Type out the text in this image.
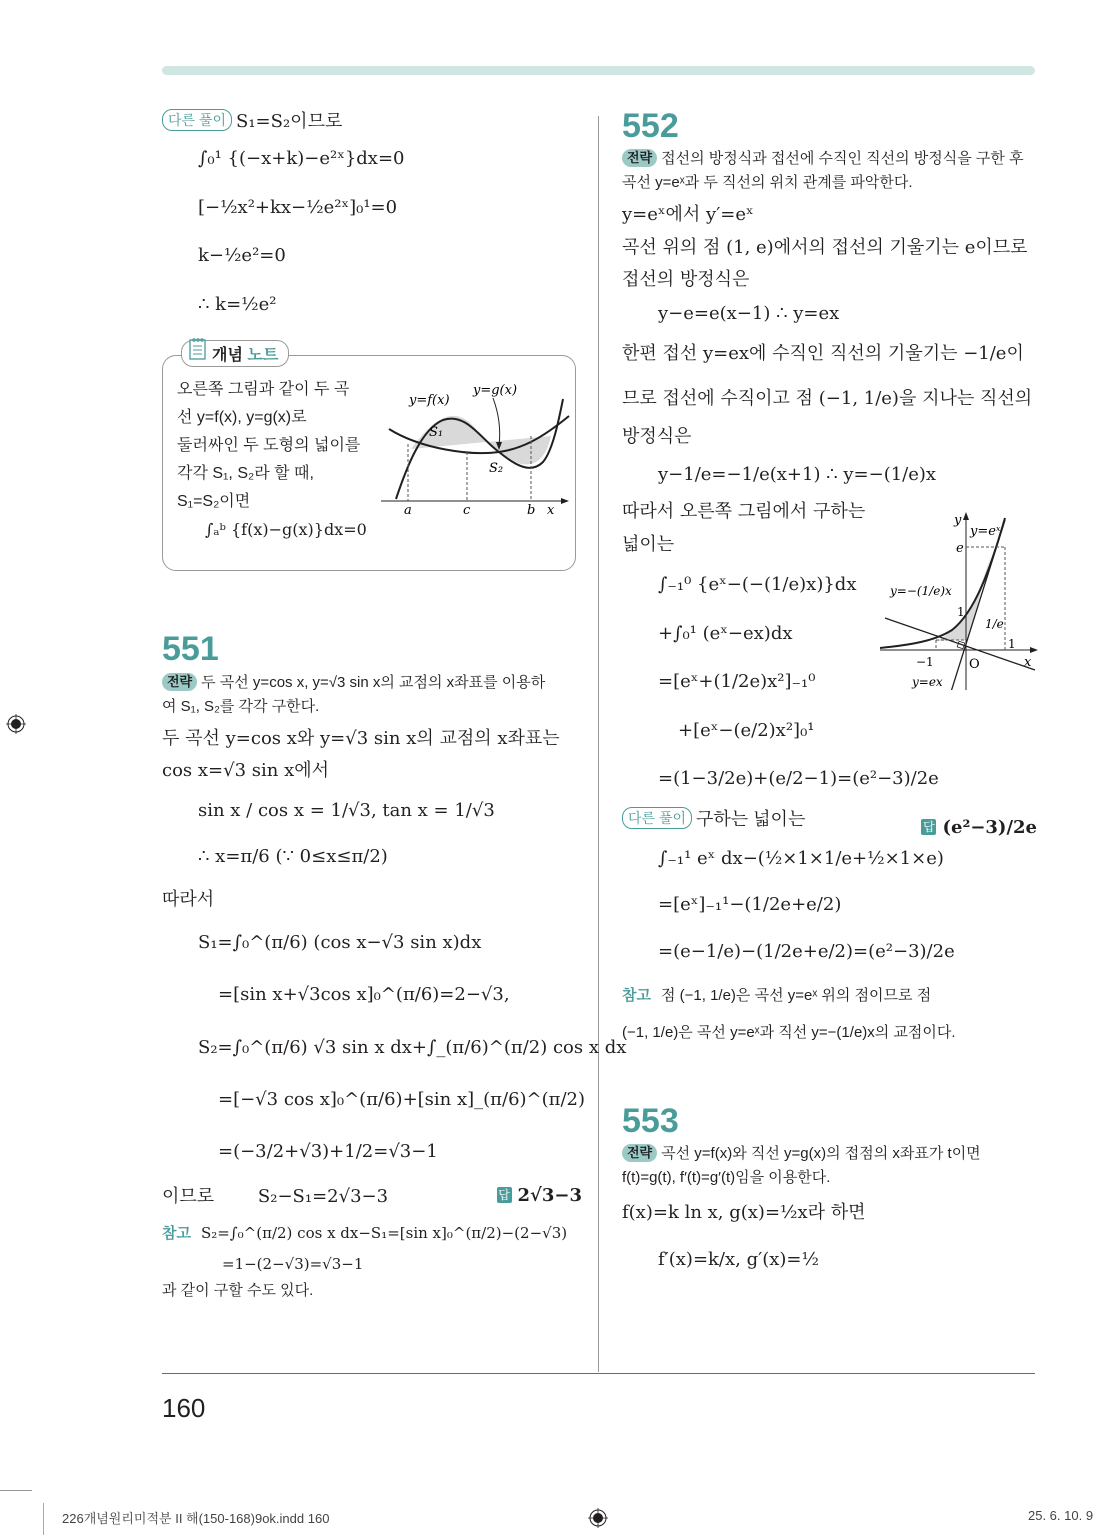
다른 풀이 S₁=S₂이므로

∫₀¹ {(−x+k)−e²ˣ}dx=0

[−½x²+kx−½e²ˣ]₀¹=0

k−½e²=0

∴ k=½e²

개념 노트
오른쪽 그림과 같이 두 곡
선 y=f(x), y=g(x)로
둘러싸인 두 도형의 넓이를
각각 S₁, S₂라 할 때,
S₁=S₂이면
∫ₐᵇ {f(x)−g(x)}dx=0
y=f(x)
y=g(x)
S₁
S₂
a	c	b x

551

전략 두 곡선 y=cos x, y=√3 sin x의 교점의 x좌표를 이용하

여 S₁, S₂를 각각 구한다.

두 곡선 y=cos x와 y=√3 sin x의 교점의 x좌표는

cos x=√3 sin x에서

sin x / cos x = 1/√3, tan x = 1/√3

∴ x=π/6 (∵ 0≤x≤π/2)

따라서

S₁=∫₀^(π/6) (cos x−√3 sin x)dx

=[sin x+√3cos x]₀^(π/6)=2−√3,

S₂=∫₀^(π/6) √3 sin x dx+∫_(π/6)^(π/2) cos x dx

=[−√3 cos x]₀^(π/6)+[sin x]_(π/6)^(π/2)

=(−3/2+√3)+1/2=√3−1

이므로 S₂−S₁=2√3−3	답 2√3−3

참고 S₂=∫₀^(π/2) cos x dx−S₁=[sin x]₀^(π/2)−(2−√3)

=1−(2−√3)=√3−1

과 같이 구할 수도 있다.

552

전략 접선의 방정식과 접선에 수직인 직선의 방정식을 구한 후

곡선 y=eˣ과 두 직선의 위치 관계를 파악한다.

y=eˣ에서 y′=eˣ

곡선 위의 점 (1, e)에서의 접선의 기울기는 e이므로

접선의 방정식은

y−e=e(x−1) ∴ y=ex

한편 접선 y=ex에 수직인 직선의 기울기는 −1/e이

므로 접선에 수직이고 점 (−1, 1/e)을 지나는 직선의

방정식은

y−1/e=−1/e(x+1) ∴ y=−(1/e)x

따라서 오른쪽 그림에서 구하는

넓이는

∫₋₁⁰ {eˣ−(−(1/e)x)}dx

+∫₀¹ (eˣ−ex)dx

=[eˣ+(1/2e)x²]₋₁⁰

+[eˣ−(e/2)x²]₀¹

=(1−3/2e)+(e/2−1)=(e²−3)/2e
답 (e²−3)/2e

다른 풀이 구하는 넓이는

∫₋₁¹ eˣ dx−(½×1×1/e+½×1×e)

=[eˣ]₋₁¹−(1/2e+e/2)

=(e−1/e)−(1/2e+e/2)=(e²−3)/2e

참고 점 (−1, 1/e)은 곡선 y=eˣ 위의 점이므로 점

(−1, 1/e)은 곡선 y=eˣ과 직선 y=−(1/e)x의 교점이다.

553

전략 곡선 y=f(x)와 직선 y=g(x)의 접점의 x좌표가 t이면

f(t)=g(t), f′(t)=g′(t)임을 이용한다.

f(x)=k ln x, g(x)=½x라 하면

f′(x)=k/x, g′(x)=½

y
y=eˣ
e
y=−(1/e)x
1
1/e
1
x
−1	O
y=ex
160
226개념원리미적분 II 해(150-168)9ok.indd 160	25. 6. 10. 9
